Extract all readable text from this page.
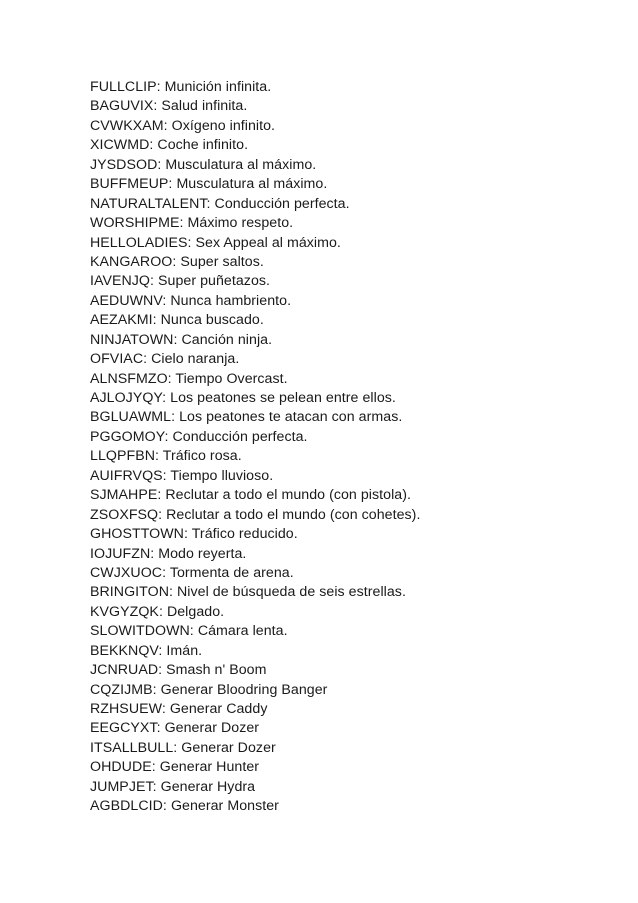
FULLCLIP: Munición infinita.
BAGUVIX: Salud infinita.
CVWKXAM: Oxígeno infinito.
XICWMD: Coche infinito.
JYSDSOD: Musculatura al máximo.
BUFFMEUP: Musculatura al máximo.
NATURALTALENT: Conducción perfecta.
WORSHIPME: Máximo respeto.
HELLOLADIES: Sex Appeal al máximo.
KANGAROO: Super saltos.
IAVENJQ: Super puñetazos.
AEDUWNV: Nunca hambriento.
AEZAKMI: Nunca buscado.
NINJATOWN: Canción ninja.
OFVIAC: Cielo naranja.
ALNSFMZO: Tiempo Overcast.
AJLOJYQY: Los peatones se pelean entre ellos.
BGLUAWML: Los peatones te atacan con armas.
PGGOMOY: Conducción perfecta.
LLQPFBN: Tráfico rosa.
AUIFRVQS: Tiempo lluvioso.
SJMAHPE: Reclutar a todo el mundo (con pistola).
ZSOXFSQ: Reclutar a todo el mundo (con cohetes).
GHOSTTOWN: Tráfico reducido.
IOJUFZN: Modo reyerta.
CWJXUOC: Tormenta de arena.
BRINGITON: Nivel de búsqueda de seis estrellas.
KVGYZQK: Delgado.
SLOWITDOWN: Cámara lenta.
BEKKNQV: Imán.
JCNRUAD: Smash n' Boom
CQZIJMB: Generar Bloodring Banger
RZHSUEW: Generar Caddy
EEGCYXT: Generar Dozer
ITSALLBULL: Generar Dozer
OHDUDE: Generar Hunter
JUMPJET: Generar Hydra
AGBDLCID: Generar Monster
